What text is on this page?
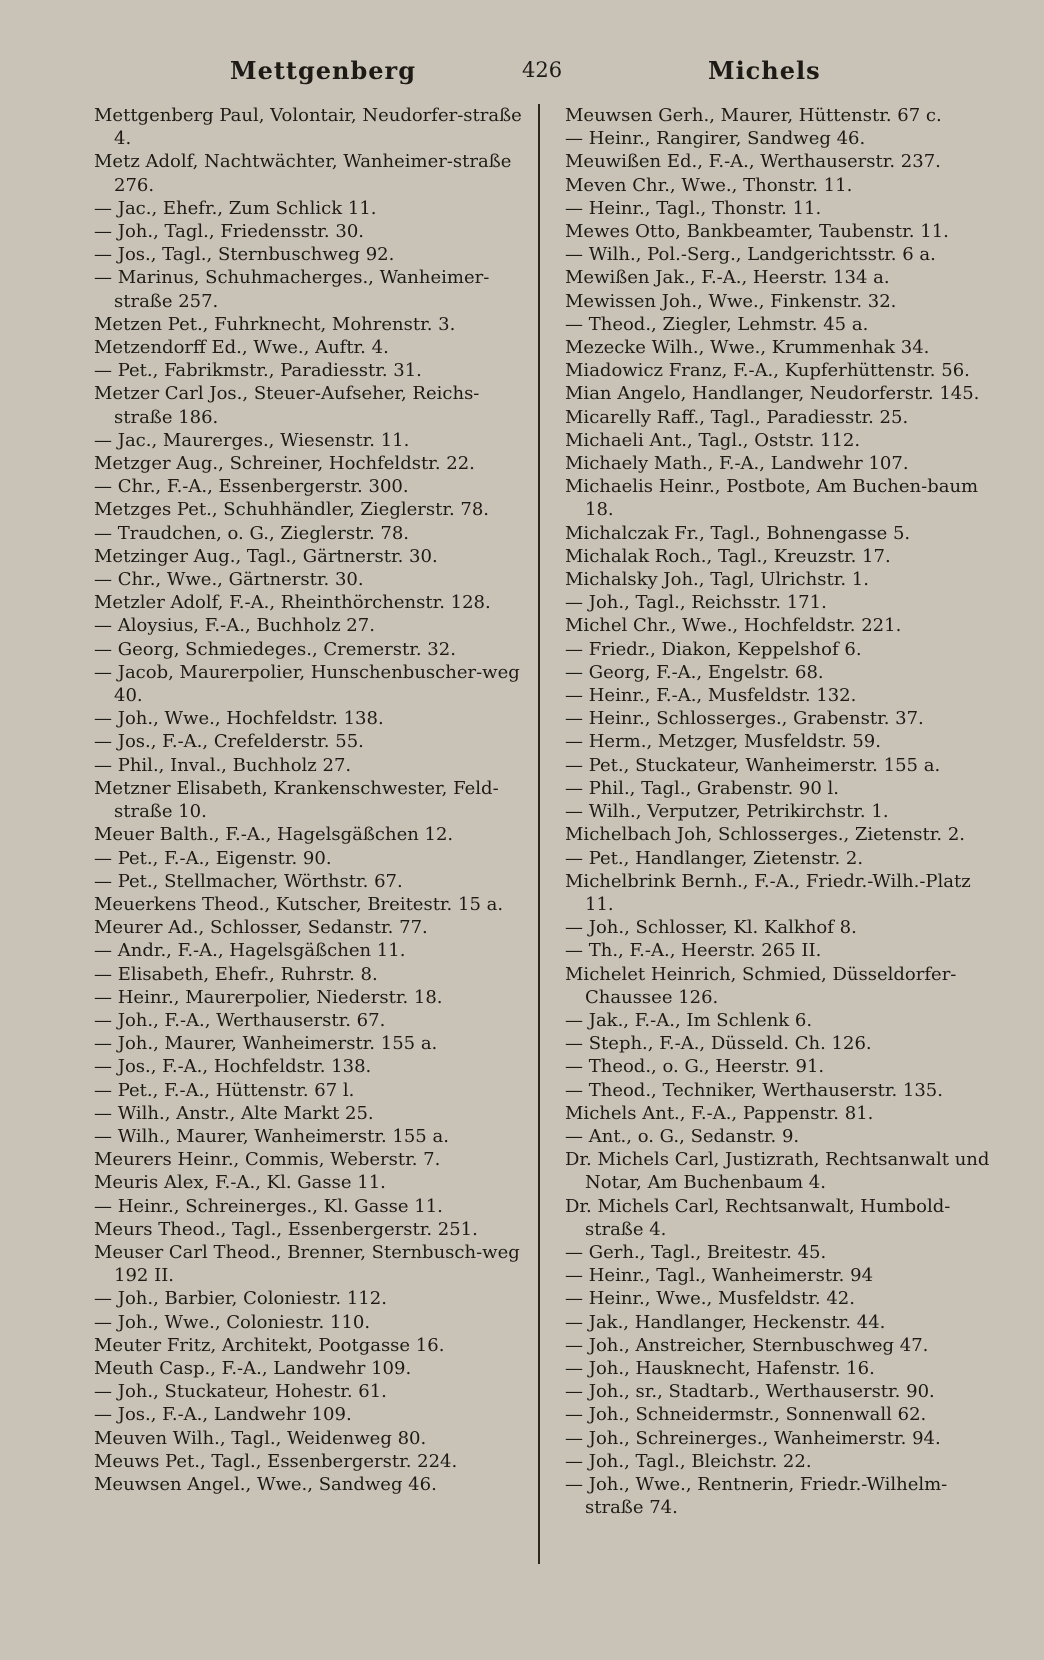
Mettgenberg	426	Michels
Mettgenberg Paul, Volontair, Neudorfer-straße 4.
Metz Adolf, Nachtwächter, Wanheimer-straße 276.
— Jac., Ehefr., Zum Schlick 11.
— Joh., Tagl., Friedensstr. 30.
— Jos., Tagl., Sternbuschweg 92.
— Marinus, Schuhmacherges., Wanheimer-straße 257.
Metzen Pet., Fuhrknecht, Mohrenstr. 3.
Metzendorff Ed., Wwe., Auftr. 4.
— Pet., Fabrikmstr., Paradiesstr. 31.
Metzer Carl Jos., Steuer-Aufseher, Reichs-straße 186.
— Jac., Maurerges., Wiesenstr. 11.
Metzger Aug., Schreiner, Hochfeldstr. 22.
— Chr., F.-A., Essenbergerstr. 300.
Metzges Pet., Schuhhändler, Zieglerstr. 78.
— Traudchen, o. G., Zieglerstr. 78.
Metzinger Aug., Tagl., Gärtnerstr. 30.
— Chr., Wwe., Gärtnerstr. 30.
Metzler Adolf, F.-A., Rheinthörchenstr. 128.
— Aloysius, F.-A., Buchholz 27.
— Georg, Schmiedeges., Cremerstr. 32.
— Jacob, Maurerpolier, Hunschenbuscher-weg 40.
— Joh., Wwe., Hochfeldstr. 138.
— Jos., F.-A., Crefelderstr. 55.
— Phil., Inval., Buchholz 27.
Metzner Elisabeth, Krankenschwester, Feld-straße 10.
Meuer Balth., F.-A., Hagelsgäßchen 12.
— Pet., F.-A., Eigenstr. 90.
— Pet., Stellmacher, Wörthstr. 67.
Meuerkens Theod., Kutscher, Breitestr. 15 a.
Meurer Ad., Schlosser, Sedanstr. 77.
— Andr., F.-A., Hagelsgäßchen 11.
— Elisabeth, Ehefr., Ruhrstr. 8.
— Heinr., Maurerpolier, Niederstr. 18.
— Joh., F.-A., Werthauserstr. 67.
— Joh., Maurer, Wanheimerstr. 155 a.
— Jos., F.-A., Hochfeldstr. 138.
— Pet., F.-A., Hüttenstr. 67 l.
— Wilh., Anstr., Alte Markt 25.
— Wilh., Maurer, Wanheimerstr. 155 a.
Meurers Heinr., Commis, Weberstr. 7.
Meuris Alex, F.-A., Kl. Gasse 11.
— Heinr., Schreinerges., Kl. Gasse 11.
Meurs Theod., Tagl., Essenbergerstr. 251.
Meuser Carl Theod., Brenner, Sternbusch-weg 192 II.
— Joh., Barbier, Coloniestr. 112.
— Joh., Wwe., Coloniestr. 110.
Meuter Fritz, Architekt, Pootgasse 16.
Meuth Casp., F.-A., Landwehr 109.
— Joh., Stuckateur, Hohestr. 61.
— Jos., F.-A., Landwehr 109.
Meuven Wilh., Tagl., Weidenweg 80.
Meuws Pet., Tagl., Essenbergerstr. 224.
Meuwsen Angel., Wwe., Sandweg 46.
Meuwsen Gerh., Maurer, Hüttenstr. 67 c.
— Heinr., Rangirer, Sandweg 46.
Meuwißen Ed., F.-A., Werthauserstr. 237.
Meven Chr., Wwe., Thonstr. 11.
— Heinr., Tagl., Thonstr. 11.
Mewes Otto, Bankbeamter, Taubenstr. 11.
— Wilh., Pol.-Serg., Landgerichtsstr. 6 a.
Mewißen Jak., F.-A., Heerstr. 134 a.
Mewissen Joh., Wwe., Finkenstr. 32.
— Theod., Ziegler, Lehmstr. 45 a.
Mezecke Wilh., Wwe., Krummenhak 34.
Miadowicz Franz, F.-A., Kupferhüttenstr. 56.
Mian Angelo, Handlanger, Neudorferstr. 145.
Micarelly Raff., Tagl., Paradiesstr. 25.
Michaeli Ant., Tagl., Oststr. 112.
Michaely Math., F.-A., Landwehr 107.
Michaelis Heinr., Postbote, Am Buchen-baum 18.
Michalczak Fr., Tagl., Bohnengasse 5.
Michalak Roch., Tagl., Kreuzstr. 17.
Michalsky Joh., Tagl, Ulrichstr. 1.
— Joh., Tagl., Reichsstr. 171.
Michel Chr., Wwe., Hochfeldstr. 221.
— Friedr., Diakon, Keppelshof 6.
— Georg, F.-A., Engelstr. 68.
— Heinr., F.-A., Musfeldstr. 132.
— Heinr., Schlosserges., Grabenstr. 37.
— Herm., Metzger, Musfeldstr. 59.
— Pet., Stuckateur, Wanheimerstr. 155 a.
— Phil., Tagl., Grabenstr. 90 l.
— Wilh., Verputzer, Petrikirchstr. 1.
Michelbach Joh, Schlosserges., Zietenstr. 2.
— Pet., Handlanger, Zietenstr. 2.
Michelbrink Bernh., F.-A., Friedr.-Wilh.-Platz 11.
— Joh., Schlosser, Kl. Kalkhof 8.
— Th., F.-A., Heerstr. 265 II.
Michelet Heinrich, Schmied, Düsseldorfer-Chaussee 126.
— Jak., F.-A., Im Schlenk 6.
— Steph., F.-A., Düsseld. Ch. 126.
— Theod., o. G., Heerstr. 91.
— Theod., Techniker, Werthauserstr. 135.
Michels Ant., F.-A., Pappenstr. 81.
— Ant., o. G., Sedanstr. 9.
Dr. Michels Carl, Justizrath, Rechtsanwalt und Notar, Am Buchenbaum 4.
Dr. Michels Carl, Rechtsanwalt, Humbold-straße 4.
— Gerh., Tagl., Breitestr. 45.
— Heinr., Tagl., Wanheimerstr. 94
— Heinr., Wwe., Musfeldstr. 42.
— Jak., Handlanger, Heckenstr. 44.
— Joh., Anstreicher, Sternbuschweg 47.
— Joh., Hausknecht, Hafenstr. 16.
— Joh., sr., Stadtarb., Werthauserstr. 90.
— Joh., Schneidermstr., Sonnenwall 62.
— Joh., Schreinerges., Wanheimerstr. 94.
— Joh., Tagl., Bleichstr. 22.
— Joh., Wwe., Rentnerin, Friedr.-Wilhelm-straße 74.
